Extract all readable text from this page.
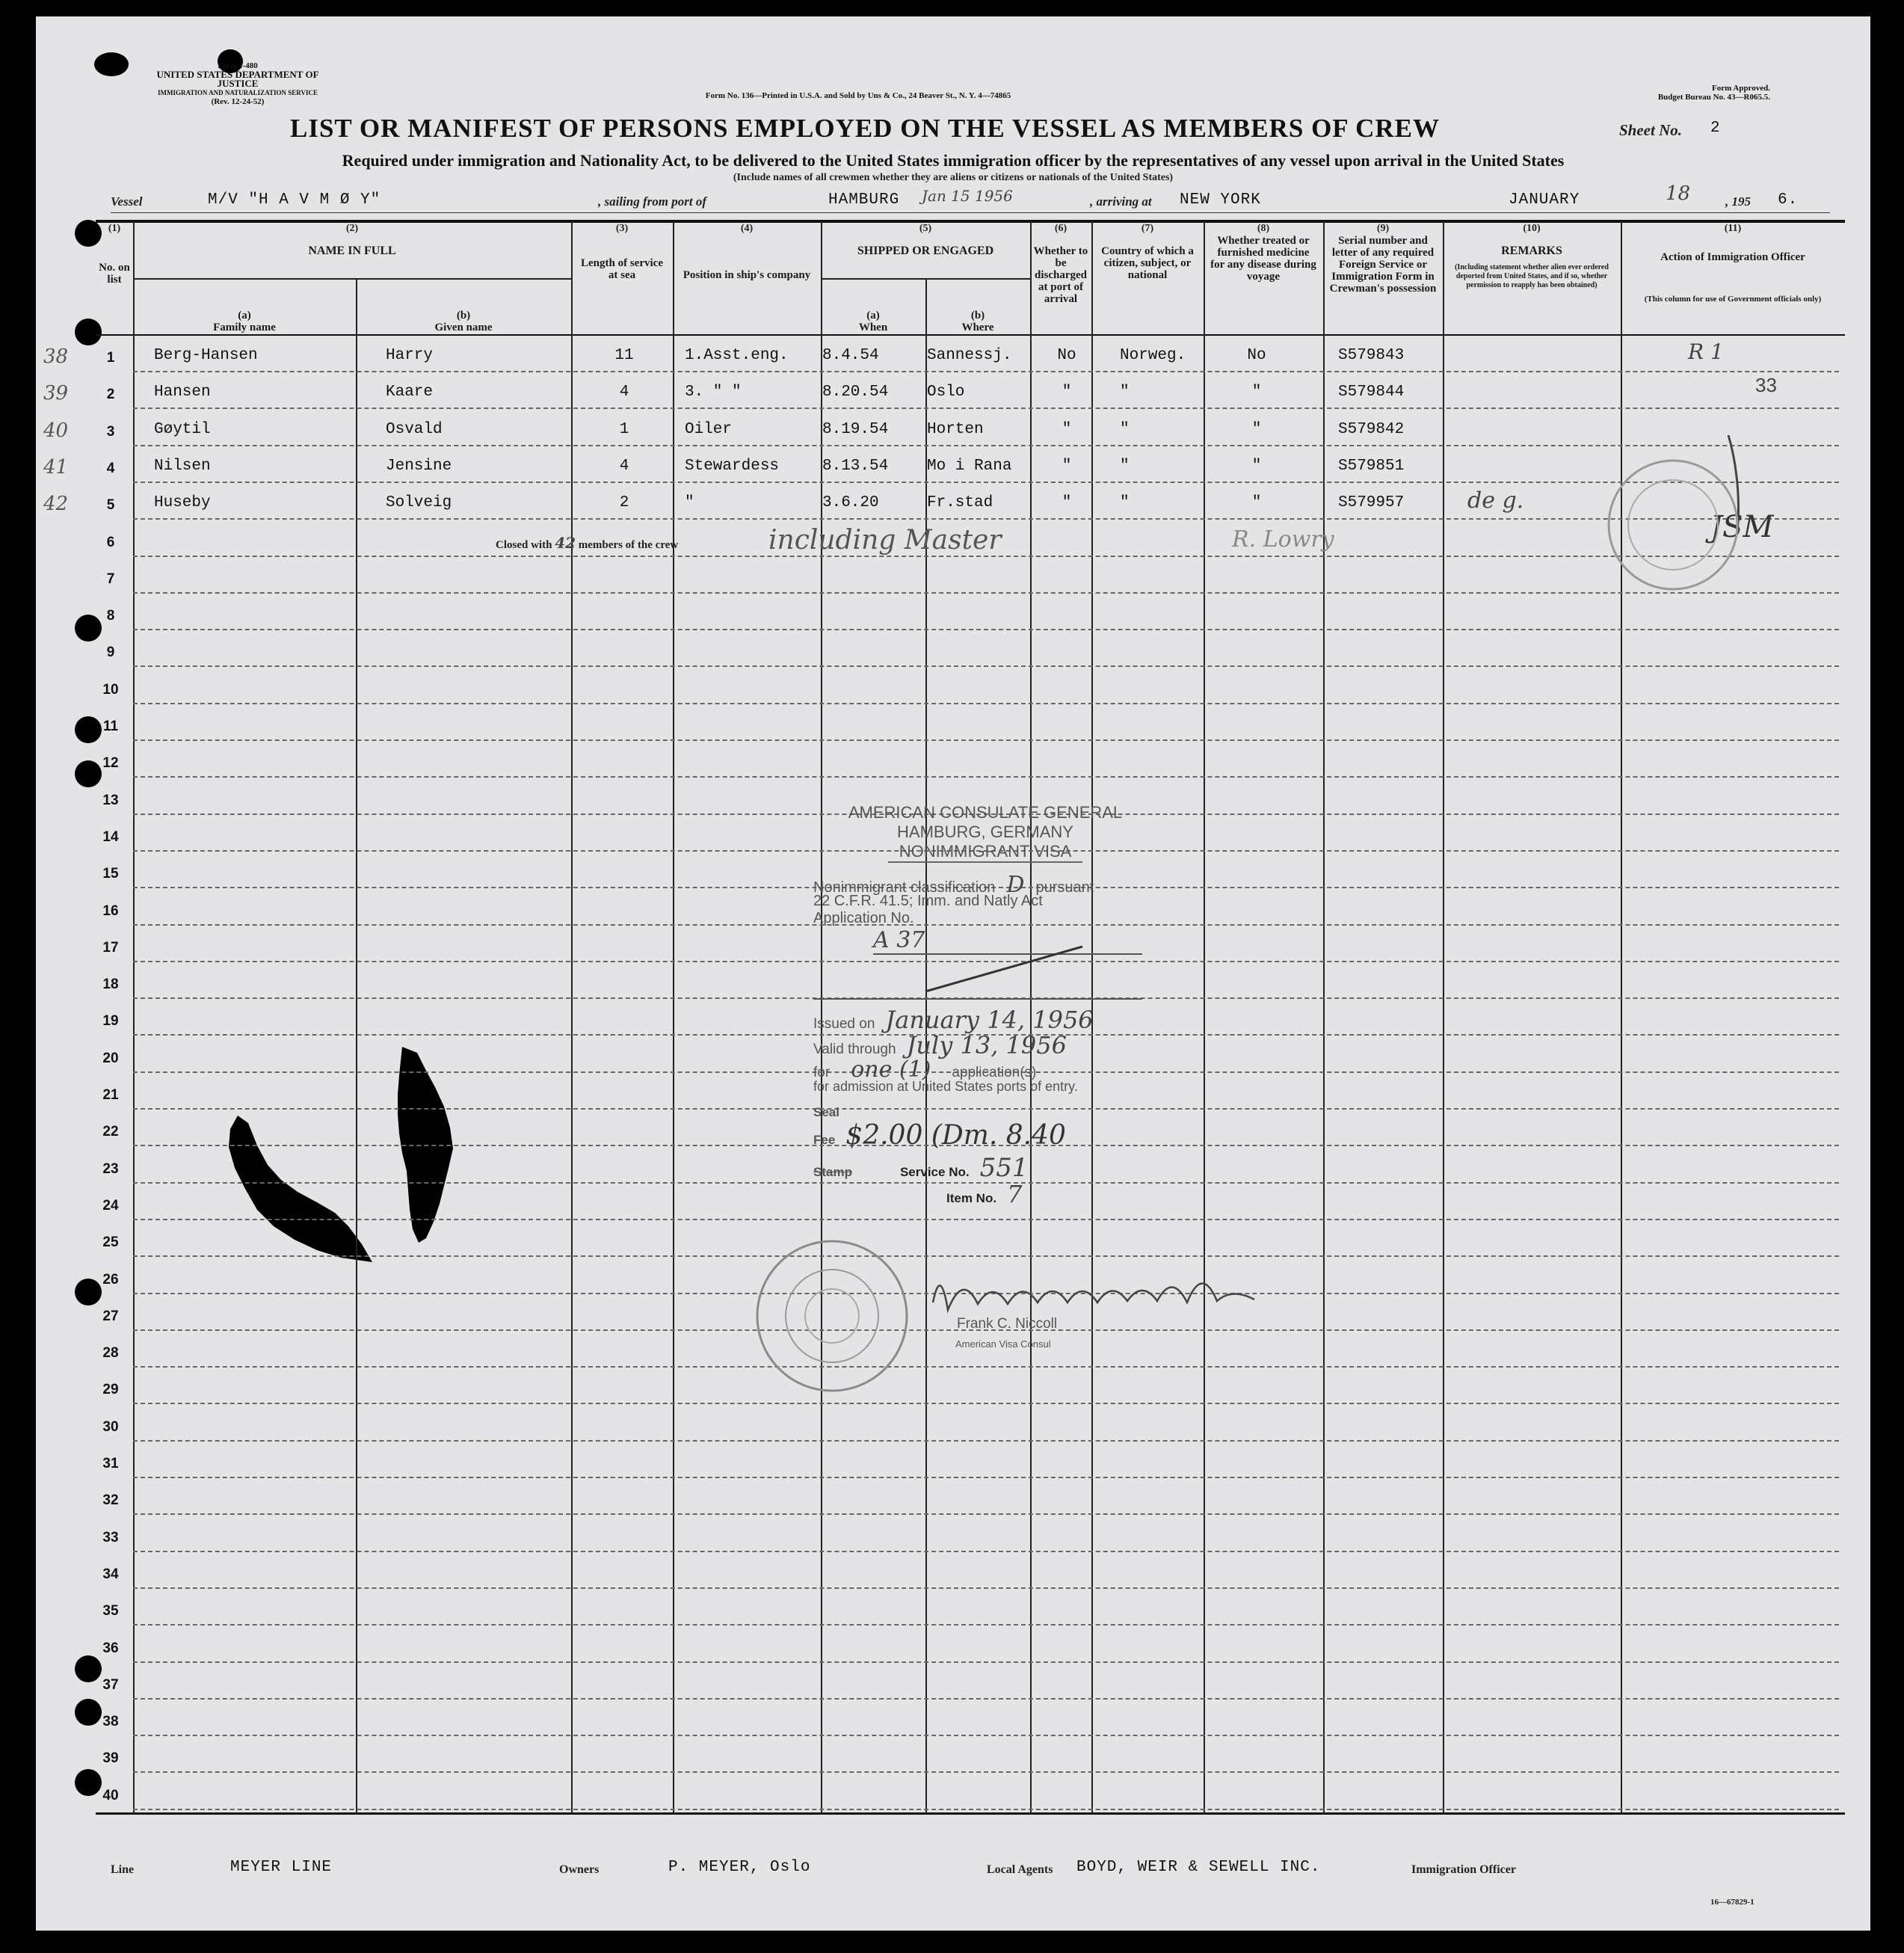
Form I-480
UNITED STATES DEPARTMENT OF JUSTICE
IMMIGRATION AND NATURALIZATION SERVICE
(Rev. 12-24-52)
Form No. 136—Printed in U.S.A. and Sold by Uns & Co., 24 Beaver St., N. Y. 4—74865
Form Approved.
Budget Bureau No. 43—R065.5.
LIST OR MANIFEST OF PERSONS EMPLOYED ON THE VESSEL AS MEMBERS OF CREW	Sheet No. 2
Required under immigration and Nationality Act, to be delivered to the United States immigration officer by the representatives of any vessel upon arrival in the United States
(Include names of all crewmen whether they are aliens or citizens or nationals of the United States)
Vessel	M/V "H A V M Ø Y"	, sailing from port of	HAMBURG Jan 15 1956	, arriving at NEW YORK	JANUARY	18	, 195 6.
(1)	(2)	(3)	(4)	(5)	(6)	(7)	(8)	(9)	(10)	(11)
No. on list
NAME IN FULL
(a)
Family name
(b)
Given name
Length of service at sea	Position in ship's company
SHIPPED OR ENGAGED
(a)
When
(b)
Where
Whether to be discharged at port of arrival
Country of which a citizen, subject, or national
Whether treated or furnished medicine for any disease during voyage
Serial number and letter of any required Foreign Service or Immigration Form in Crewman's possession
REMARKS
(Including statement whether alien ever ordered deported from United States, and if so, whether permission to reapply has been obtained)
Action of Immigration Officer
(This column for use of Government officials only)
38	1	Berg-Hansen	Harry	11	1.Asst.eng. 8.4.54	Sannessj.	No	Norweg.	No	S579843
39	2	Hansen	Kaare	4	3. " "	8.20.54 Oslo	"	"	"	S579844
40	3	Gøytil	Osvald	1	Oiler	8.19.54 Horten	"	"	"	S579842
41	4	Nilsen	Jensine	4	Stewardess	8.13.54 Mo i Rana	"	"	"	S579851
42	5	Huseby	Solveig	2	"	3.6.20	Fr.stad	"	"	"	S579957
6
7
8
9
10
11
12
13
14
15
16
17
18
19
20
21
22
23
24
25
26
27
28
29
30
31
32
33
34
35
36
37
38
39
40
Closed with 42 members of the crew	including Master	R. Lowry
R 1
33
de g.
JSM
AMERICAN CONSULATE GENERAL
HAMBURG, GERMANY
NONIMMIGRANT VISA
Nonimmigrant classification D pursuant
22 C.F.R. 41.5; Imm. and Natly Act
Application No.
A 37
Issued on January 14, 1956
Valid through July 13, 1956
for one (1) application(s)
for admission at United States ports of entry.
Seal
Fee $2.00 (Dm. 8.40
Stamp	Service No. 551
Item No. 7
Frank C. Niccoll
American Visa Consul
Line	MEYER LINE	Owners	P. MEYER, Oslo	Local Agents BOYD, WEIR & SEWELL INC.	Immigration Officer
16—67829-1
